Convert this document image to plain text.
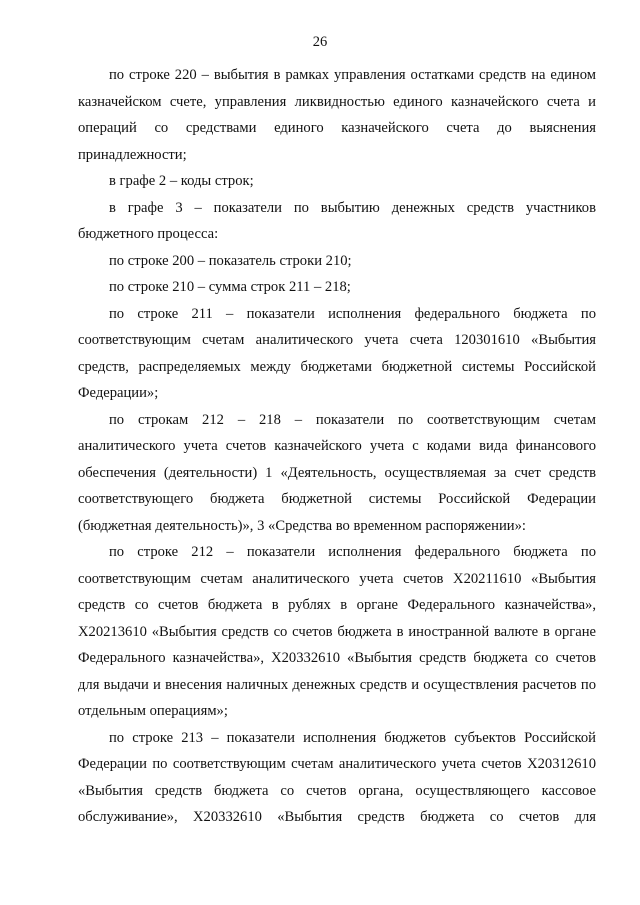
26

по строке 220 – выбытия в рамках управления остатками средств на едином казначейском счете, управления ликвидностью единого казначейского счета и операций со средствами единого казначейского счета до выяснения принадлежности;

в графе 2 – коды строк;

в графе 3 – показатели по выбытию денежных средств участников бюджетного процесса:

по строке 200 – показатель строки 210;

по строке 210 – сумма строк 211 – 218;

по строке 211 – показатели исполнения федерального бюджета по соответствующим счетам аналитического учета счета 120301610 «Выбытия средств, распределяемых между бюджетами бюджетной системы Российской Федерации»;

по строкам 212 – 218 – показатели по соответствующим счетам аналитического учета счетов казначейского учета с кодами вида финансового обеспечения (деятельности) 1 «Деятельность, осуществляемая за счет средств соответствующего бюджета бюджетной системы Российской Федерации (бюджетная деятельность)», 3 «Средства во временном распоряжении»:

по строке 212 – показатели исполнения федерального бюджета по соответствующим счетам аналитического учета счетов X20211610 «Выбытия средств со счетов бюджета в рублях в органе Федерального казначейства», X20213610 «Выбытия средств со счетов бюджета в иностранной валюте в органе Федерального казначейства», X20332610 «Выбытия средств бюджета со счетов для выдачи и внесения наличных денежных средств и осуществления расчетов по отдельным операциям»;

по строке 213 – показатели исполнения бюджетов субъектов Российской Федерации по соответствующим счетам аналитического учета счетов X20312610 «Выбытия средств бюджета со счетов органа, осуществляющего кассовое обслуживание», X20332610 «Выбытия средств бюджета со счетов для
